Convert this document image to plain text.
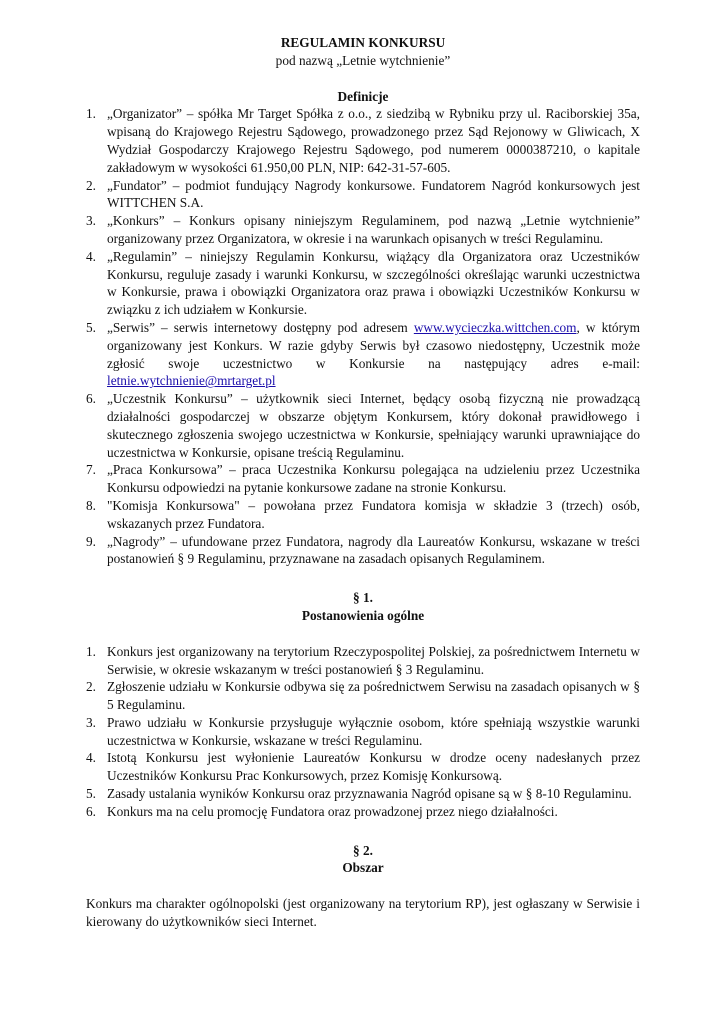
REGULAMIN KONKURSU

pod nazwą „Letnie wytchnienie”

Definicje

1. „Organizator” – spółka Mr Target Spółka z o.o., z siedzibą w Rybniku przy ul. Raciborskiej 35a, wpisaną do Krajowego Rejestru Sądowego, prowadzonego przez Sąd Rejonowy w Gliwicach, X Wydział Gospodarczy Krajowego Rejestru Sądowego, pod numerem 0000387210, o kapitale zakładowym w wysokości 61.950,00 PLN, NIP: 642-31-57-605.
2. „Fundator” – podmiot fundujący Nagrody konkursowe. Fundatorem Nagród konkursowych jest WITTCHEN S.A.
3. „Konkurs” – Konkurs opisany niniejszym Regulaminem, pod nazwą „Letnie wytchnienie” organizowany przez Organizatora, w okresie i na warunkach opisanych w treści Regulaminu.
4. „Regulamin” – niniejszy Regulamin Konkursu, wiążący dla Organizatora oraz Uczestników Konkursu, reguluje zasady i warunki Konkursu, w szczególności określając warunki uczestnictwa w Konkursie, prawa i obowiązki Organizatora oraz prawa i obowiązki Uczestników Konkursu w związku z ich udziałem w Konkursie.
5. „Serwis” – serwis internetowy dostępny pod adresem www.wycieczka.wittchen.com, w którym organizowany jest Konkurs. W razie gdyby Serwis był czasowo niedostępny, Uczestnik może zgłosić swoje uczestnictwo w Konkursie na następujący adres e-mail: letnie.wytchnienie@mrtarget.pl
6. „Uczestnik Konkursu” – użytkownik sieci Internet, będący osobą fizyczną nie prowadzącą działalności gospodarczej w obszarze objętym Konkursem, który dokonał prawidłowego i skutecznego zgłoszenia swojego uczestnictwa w Konkursie, spełniający warunki uprawniające do uczestnictwa w Konkursie, opisane treścią Regulaminu.
7. „Praca Konkursowa” – praca Uczestnika Konkursu polegająca na udzieleniu przez Uczestnika Konkursu odpowiedzi na pytanie konkursowe zadane na stronie Konkursu.
8. "Komisja Konkursowa" – powołana przez Fundatora komisja w składzie 3 (trzech) osób, wskazanych przez Fundatora.
9. „Nagrody” – ufundowane przez Fundatora, nagrody dla Laureatów Konkursu, wskazane w treści postanowień § 9 Regulaminu, przyznawane na zasadach opisanych Regulaminem.

§ 1.

Postanowienia ogólne

1. Konkurs jest organizowany na terytorium Rzeczypospolitej Polskiej, za pośrednictwem Internetu w Serwisie, w okresie wskazanym w treści postanowień § 3 Regulaminu.
2. Zgłoszenie udziału w Konkursie odbywa się za pośrednictwem Serwisu na zasadach opisanych w § 5 Regulaminu.
3. Prawo udziału w Konkursie przysługuje wyłącznie osobom, które spełniają wszystkie warunki uczestnictwa w Konkursie, wskazane w treści Regulaminu.
4. Istotą Konkursu jest wyłonienie Laureatów Konkursu w drodze oceny nadesłanych przez Uczestników Konkursu Prac Konkursowych, przez Komisję Konkursową.
5. Zasady ustalania wyników Konkursu oraz przyznawania Nagród opisane są w § 8-10 Regulaminu.
6. Konkurs ma na celu promocję Fundatora oraz prowadzonej przez niego działalności.

§ 2.

Obszar

Konkurs ma charakter ogólnopolski (jest organizowany na terytorium RP), jest ogłaszany w Serwisie i kierowany do użytkowników sieci Internet.
